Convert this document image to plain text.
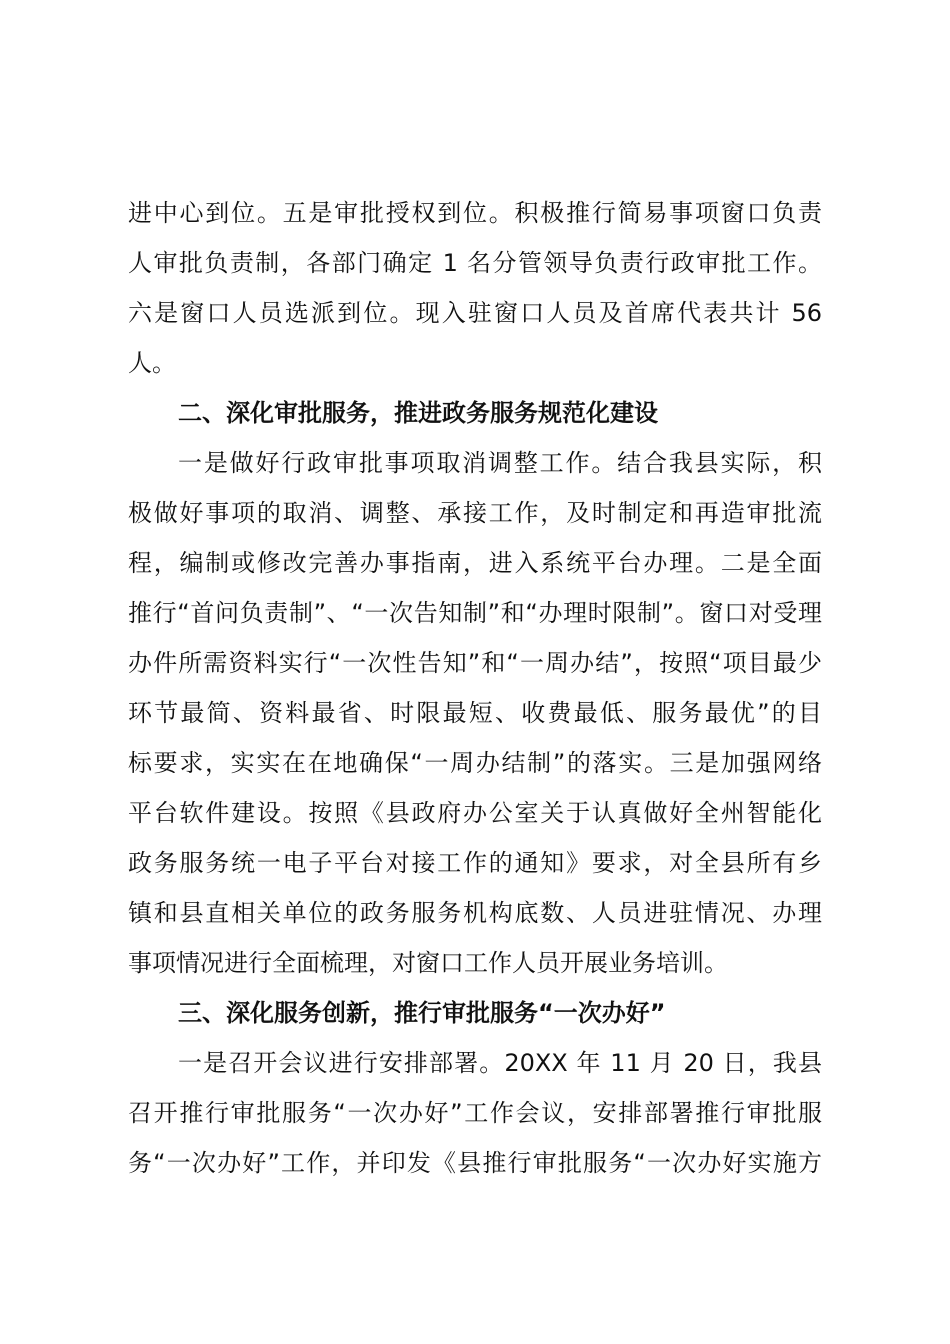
进中心到位。五是审批授权到位。积极推行简易事项窗口负责
人审批负责制，各部门确定 1 名分管领导负责行政审批工作。
六是窗口人员选派到位。现入驻窗口人员及首席代表共计 56
人。
二、深化审批服务，推进政务服务规范化建设
一是做好行政审批事项取消调整工作。结合我县实际，积
极做好事项的取消、调整、承接工作，及时制定和再造审批流
程，编制或修改完善办事指南，进入系统平台办理。二是全面
推行“首问负责制”、“一次告知制”和“办理时限制”。窗口对受理
办件所需资料实行“一次性告知”和“一周办结”，按照“项目最少
环节最简、资料最省、时限最短、收费最低、服务最优”的目
标要求，实实在在地确保“一周办结制”的落实。三是加强网络
平台软件建设。按照《县政府办公室关于认真做好全州智能化
政务服务统一电子平台对接工作的通知》要求，对全县所有乡
镇和县直相关单位的政务服务机构底数、人员进驻情况、办理
事项情况进行全面梳理，对窗口工作人员开展业务培训。
三、深化服务创新，推行审批服务“一次办好”
一是召开会议进行安排部署。20XX 年 11 月 20 日，我县
召开推行审批服务“一次办好”工作会议，安排部署推行审批服
务“一次办好”工作，并印发《县推行审批服务“一次办好实施方
